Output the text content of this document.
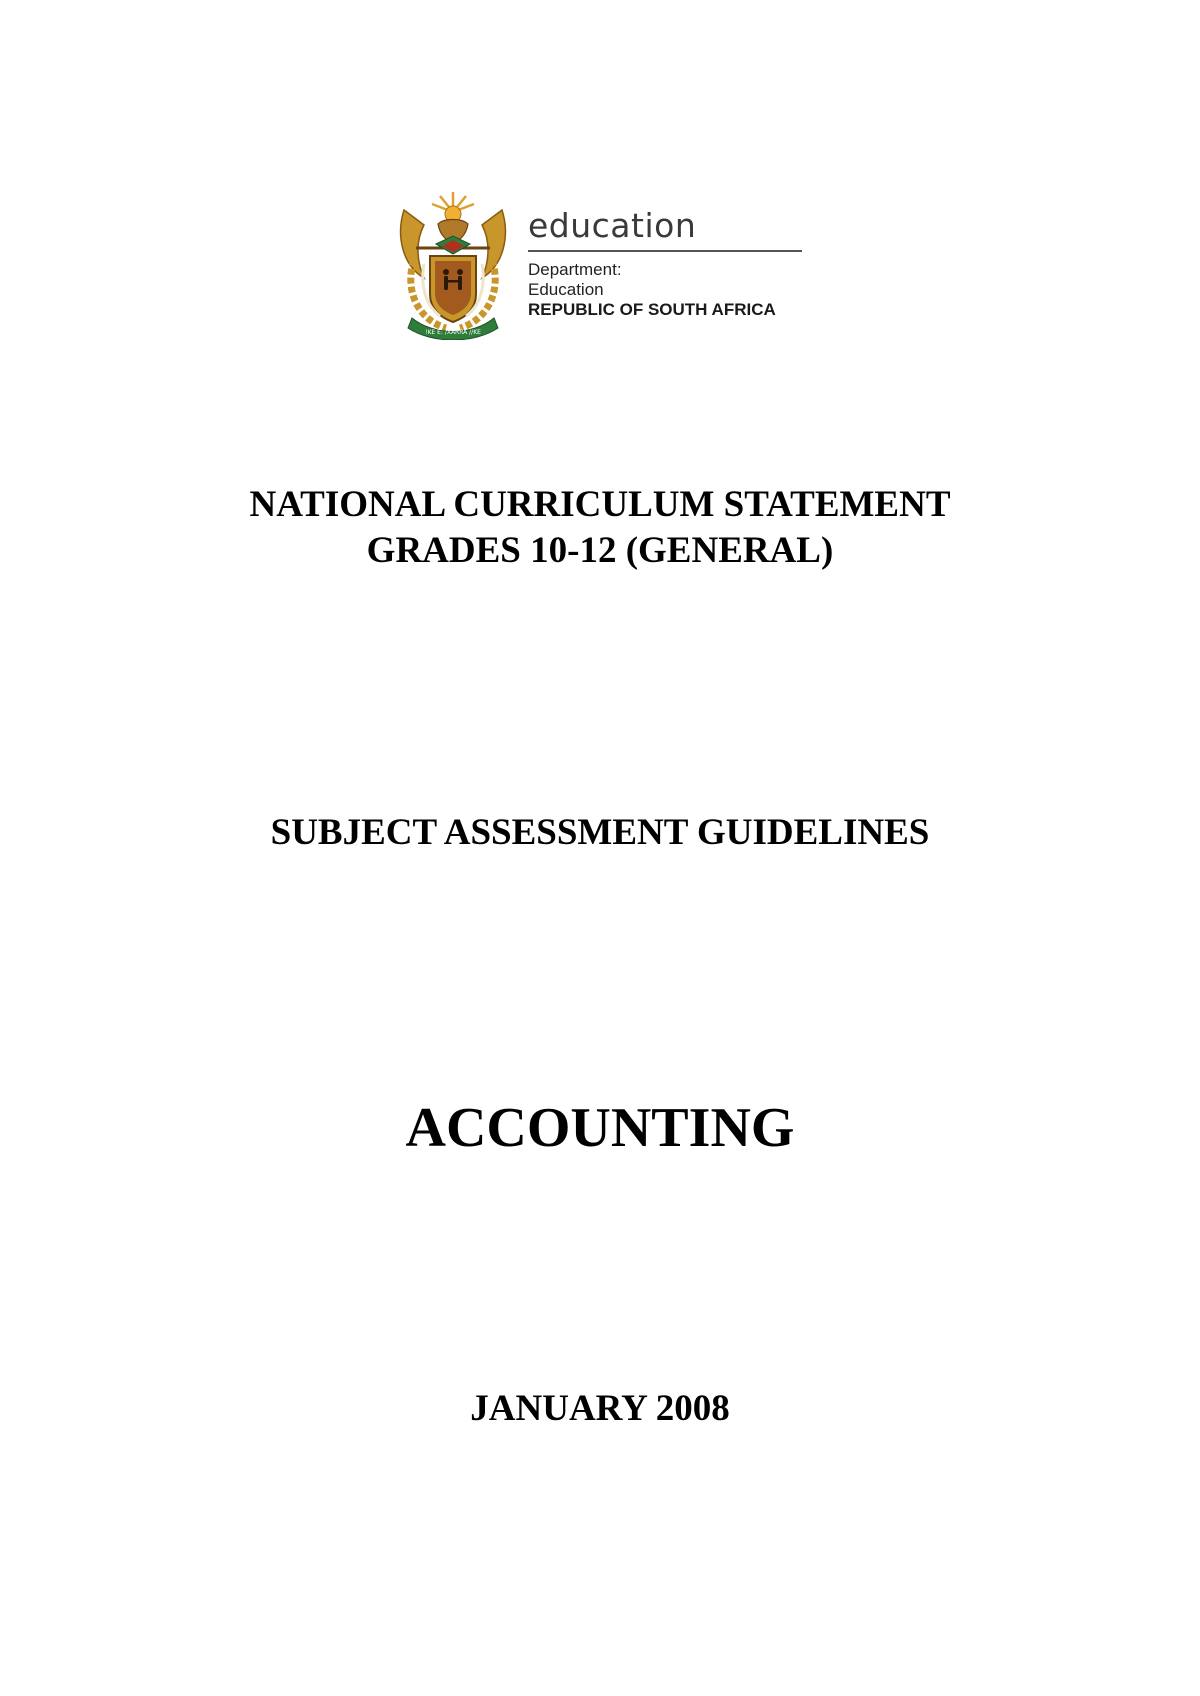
!KE E: /XARRA //KE

education

Department:

Education

REPUBLIC OF SOUTH AFRICA

NATIONAL CURRICULUM STATEMENT
GRADES 10-12 (GENERAL)
SUBJECT ASSESSMENT GUIDELINES
ACCOUNTING
JANUARY 2008
